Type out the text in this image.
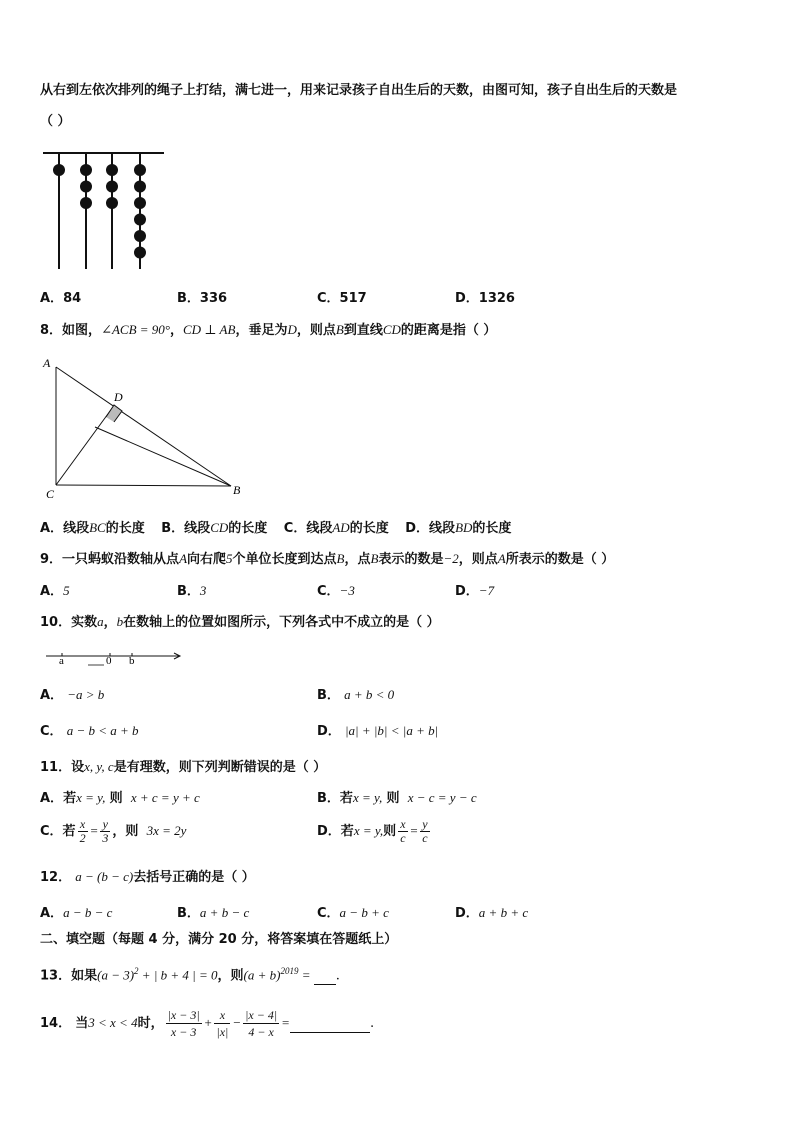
从右到左依次排列的绳子上打结，满七进一，用来记录孩子自出生后的天数，由图可知，孩子自出生后的天数是
（ ）
A．84	B．336	C．517	D．1326
8．如图，∠ACB = 90°，CD ⊥ AB，垂足为D，则点B到直线CD的距离是指（ ）
A
D
C	B
A．线段BC的长度 B．线段CD的长度 C．线段AD的长度 D．线段BD的长度
9．一只蚂蚁沿数轴从点A向右爬5个单位长度到达点B，点B表示的数是−2，则点A所表示的数是（ ）
A．5	B．3	C．−3	D．−7
10．实数a，b在数轴上的位置如图所示，下列各式中不成立的是（ ）
a	0 b
A． −a > b	B． a + b < 0
C． a − b < a + b	D． |a| + |b| < |a + b|
11．设x, y, c是有理数，则下列判断错误的是（ ）
A．若x = y, 则 x + c = y + c	B．若x = y, 则 x − c = y − c
C．若 $\frac{x}{2} = \frac{y}{3}$ ，则 3x = 2y	D．若x = y,则 $\frac{x}{c} = \frac{y}{c}$
12． a − (b − c)去括号正确的是（ ）
A．a − b − c	B．a + b − c	C．a − b + c	D．a + b + c
二、填空题（每题 4 分，满分 20 分，将答案填在答题纸上）
13．如果$(a - 3)^2$ + | b + 4 | = 0，则$(a + b)^{2019}$ =  .
14． 当3 < x < 4时， $\frac{|x - 3|}{x - 3} + \frac{x}{|x|} - \frac{|x - 4|}{4 - x}$ =	.
